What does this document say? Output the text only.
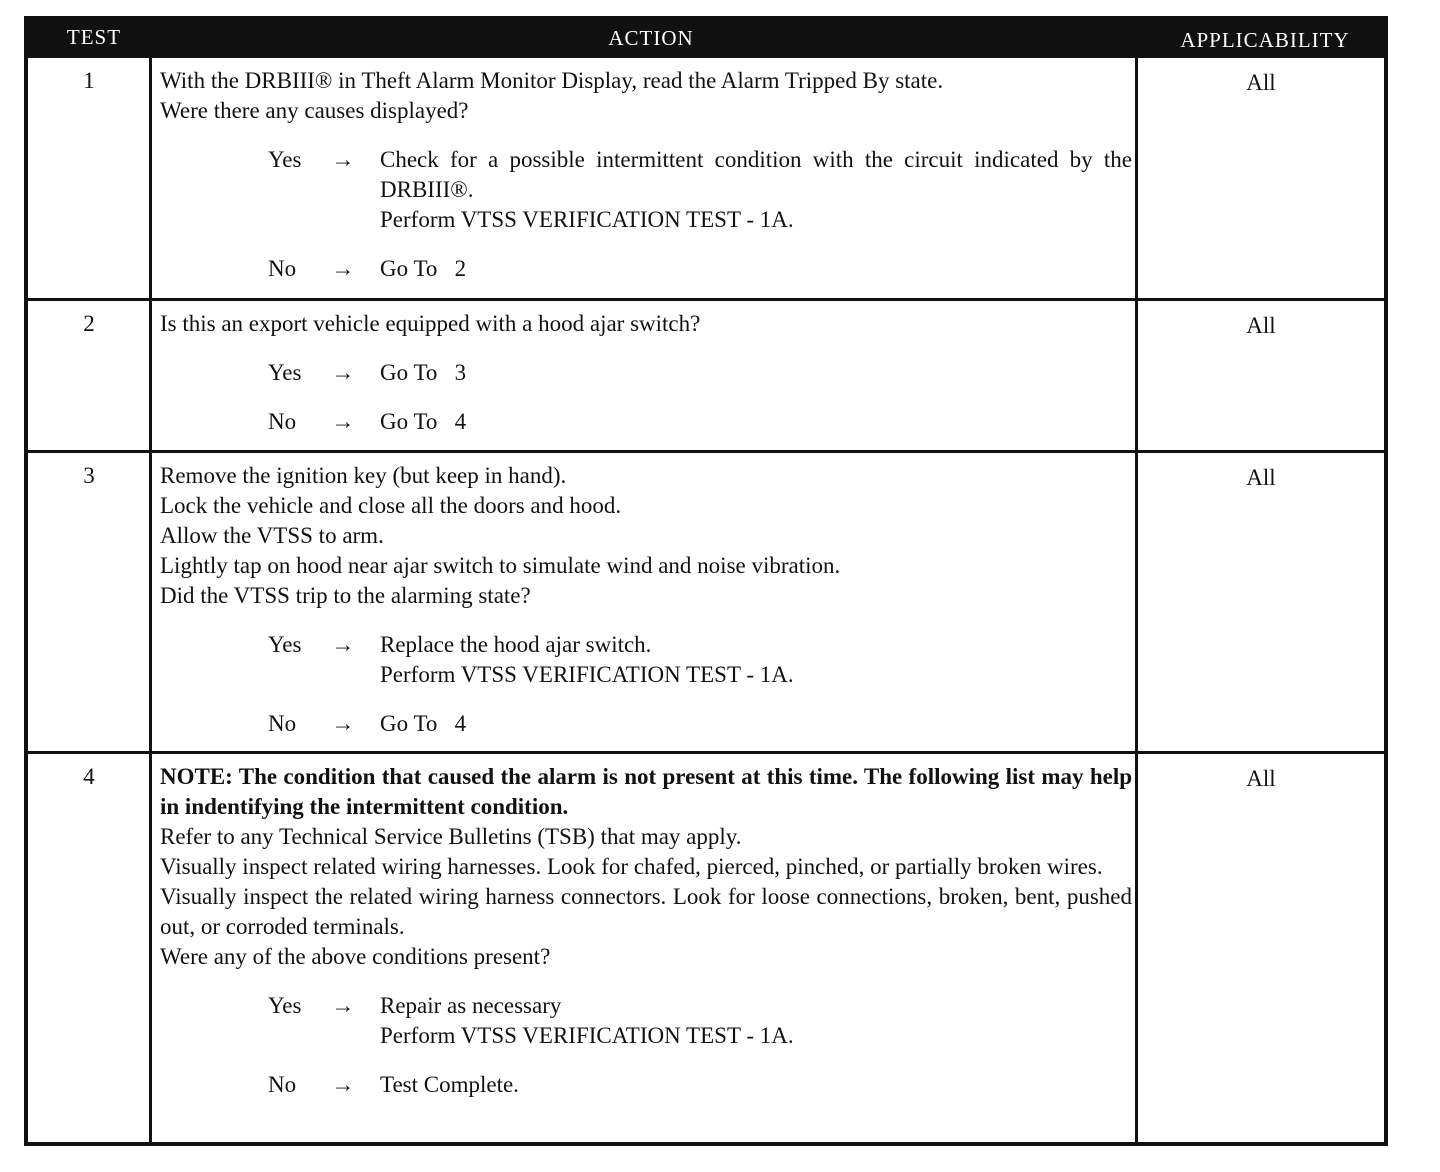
TEST	ACTION	APPLICABILITY
1	With the DRBIII® in Theft Alarm Monitor Display, read the Alarm Tripped By state.

Were there any causes displayed?

Yes	→ Check for a possible intermittent condition with the circuit indicated by the DRBIII®.

Perform VTSS VERIFICATION TEST - 1A.

No	→ Go To   2

All
2	Is this an export vehicle equipped with a hood ajar switch?

Yes	→ Go To   3

No	→ Go To   4

All
3	Remove the ignition key (but keep in hand).

Lock the vehicle and close all the doors and hood.

Allow the VTSS to arm.

Lightly tap on hood near ajar switch to simulate wind and noise vibration.

Did the VTSS trip to the alarming state?

Yes	→ Replace the hood ajar switch.

Perform VTSS VERIFICATION TEST - 1A.

No	→ Go To   4

All
4	NOTE: The condition that caused the alarm is not present at this time. The following list may help in indentifying the intermittent condition.

Refer to any Technical Service Bulletins (TSB) that may apply.

Visually inspect related wiring harnesses. Look for chafed, pierced, pinched, or partially broken wires.

Visually inspect the related wiring harness connectors. Look for loose connections, broken, bent, pushed out, or corroded terminals.

Were any of the above conditions present?

Yes	→ Repair as necessary

Perform VTSS VERIFICATION TEST - 1A.

No	→ Test Complete.

All
